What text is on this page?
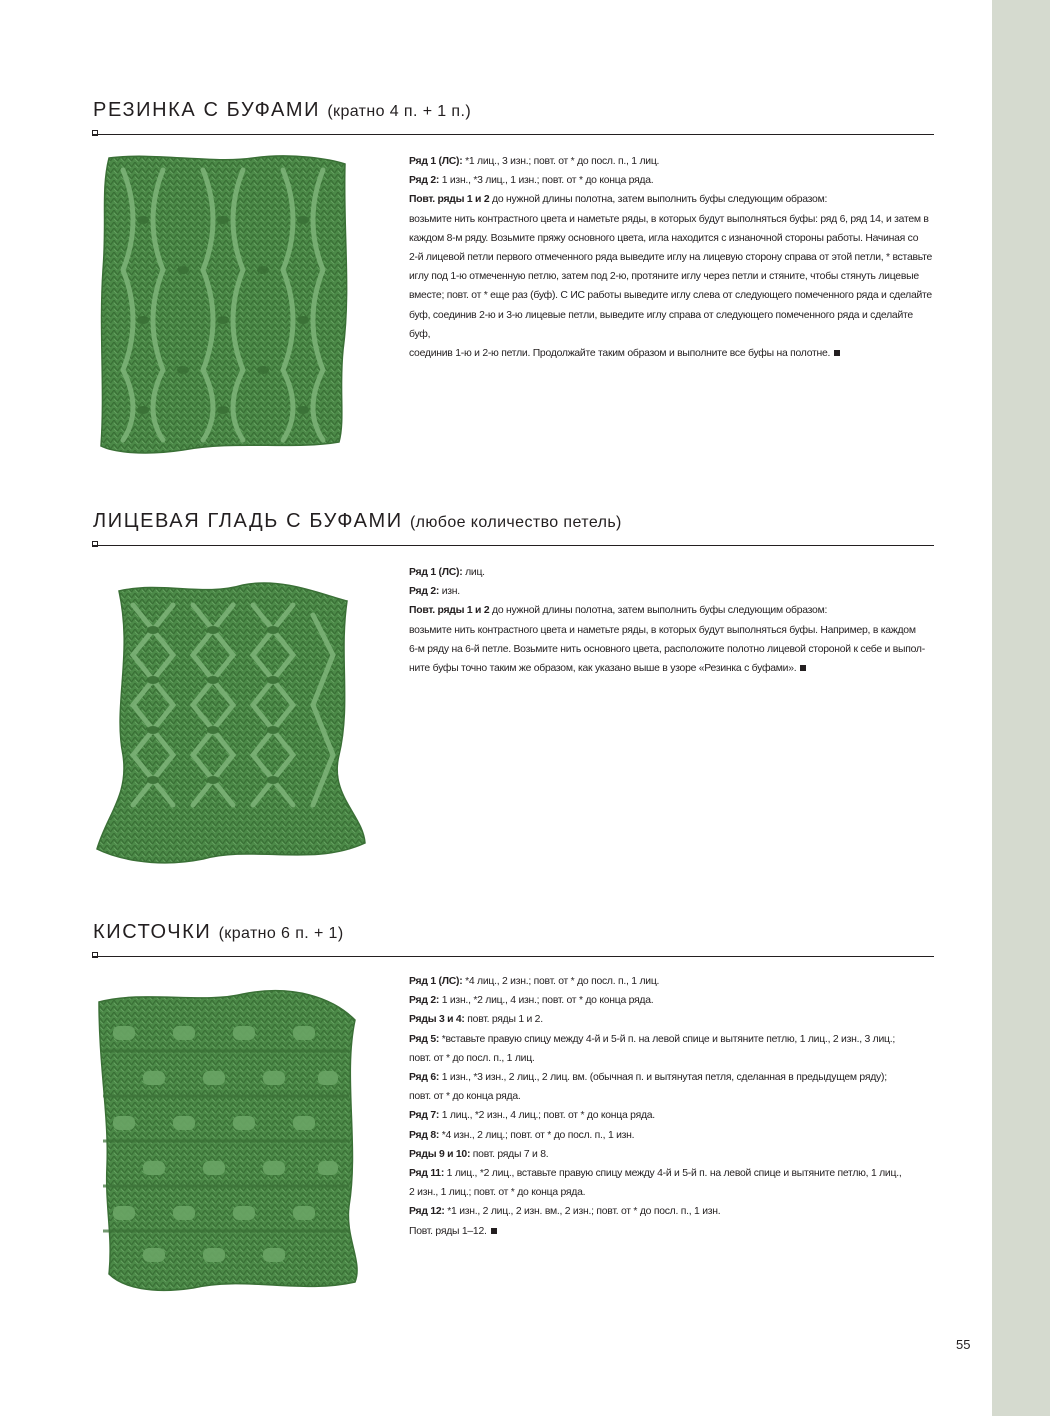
РЕЗИНКА С БУФАМИ (кратно 4 п. + 1 п.)

Ряд 1 (ЛС): *1 лиц., 3 изн.; повт. от * до посл. п., 1 лиц.

Ряд 2: 1 изн., *3 лиц., 1 изн.; повт. от * до конца ряда.

Повт. ряды 1 и 2 до нужной длины полотна, затем выполнить буфы следующим образом:

возьмите нить контрастного цвета и наметьте ряды, в которых будут выполняться буфы: ряд 6, ряд 14, и затем в

каждом 8-м ряду. Возьмите пряжу основного цвета, игла находится с изнаночной стороны работы. Начиная со

2-й лицевой петли первого отмеченного ряда выведите иглу на лицевую сторону справа от этой петли, * вставьте

иглу под 1-ю отмеченную петлю, затем под 2-ю, протяните иглу через петли и стяните, чтобы стянуть лицевые

вместе; повт. от * еще раз (буф). С ИС работы выведите иглу слева от следующего помеченного ряда и сделайте

буф, соединив 2-ю и 3-ю лицевые петли, выведите иглу справа от следующего помеченного ряда и сделайте буф,

соединив 1-ю и 2-ю петли. Продолжайте таким образом и выполните все буфы на полотне.

ЛИЦЕВАЯ ГЛАДЬ С БУФАМИ (любое количество петель)

Ряд 1 (ЛС): лиц.

Ряд 2: изн.

Повт. ряды 1 и 2 до нужной длины полотна, затем выполнить буфы следующим образом:

возьмите нить контрастного цвета и наметьте ряды, в которых будут выполняться буфы. Например, в каждом

6-м ряду на 6-й петле. Возьмите нить основного цвета, расположите полотно лицевой стороной к себе и выпол-

ните буфы точно таким же образом, как указано выше в узоре «Резинка с буфами».

КИСТОЧКИ (кратно 6 п. + 1)

Ряд 1 (ЛС): *4 лиц., 2 изн.; повт. от * до посл. п., 1 лиц.

Ряд 2: 1 изн., *2 лиц., 4 изн.; повт. от * до конца ряда.

Ряды 3 и 4: повт. ряды 1 и 2.

Ряд 5: *вставьте правую спицу между 4-й и 5-й п. на левой спице и вытяните петлю, 1 лиц., 2 изн., 3 лиц.;

повт. от * до посл. п., 1 лиц.

Ряд 6: 1 изн., *3 изн., 2 лиц., 2 лиц. вм. (обычная п. и вытянутая петля, сделанная в предыдущем ряду);

повт. от * до конца ряда.

Ряд 7: 1 лиц., *2 изн., 4 лиц.; повт. от * до конца ряда.

Ряд 8: *4 изн., 2 лиц.; повт. от * до посл. п., 1 изн.

Ряды 9 и 10: повт. ряды 7 и 8.

Ряд 11: 1 лиц., *2 лиц., вставьте правую спицу между 4-й и 5-й п. на левой спице и вытяните петлю, 1 лиц.,

2 изн., 1 лиц.; повт. от * до конца ряда.

Ряд 12: *1 изн., 2 лиц., 2 изн. вм., 2 изн.; повт. от * до посл. п., 1 изн.

Повт. ряды 1–12.

55
